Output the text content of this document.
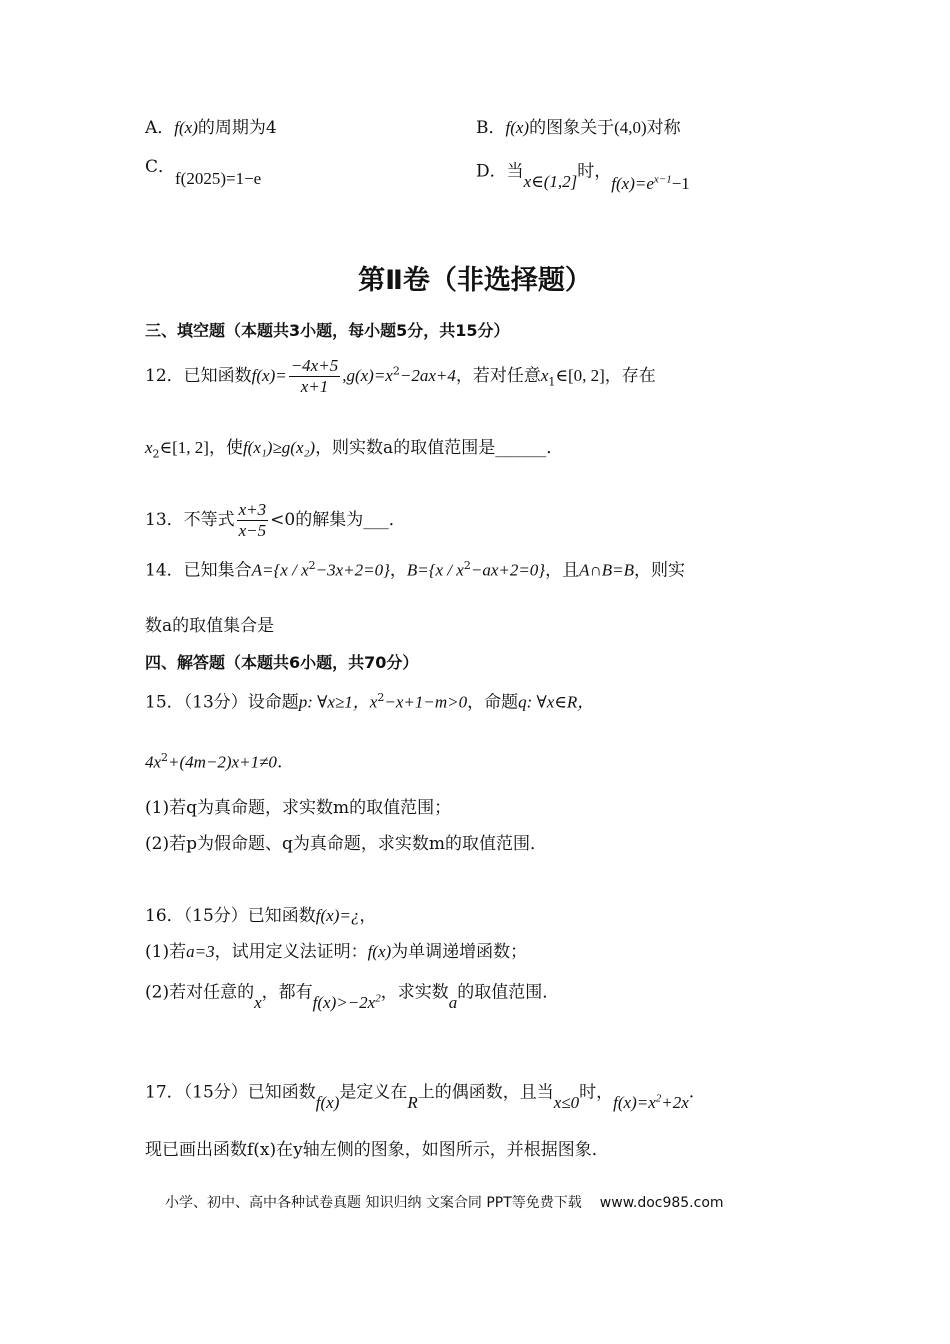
A．f(x)的周期为4	B．f(x)的图象关于(4,0)对称
C．
f(2025)=1−e	D．当x∈(1,2]时，$f(x)=e^{x-1}-1$
第Ⅱ卷（非选择题）
三、填空题（本题共3小题，每小题5分，共15分）
12．已知函数$f(x)= \frac{-4x+5}{x+1} ,g(x)=x^2-2ax+4$，若对任意$x_1\in[0$, 2]，存在
$x_2\in[1$, 2]，使f(x₁)≥g(x₂)，则实数a的取值范围是______．
13．不等式 $\frac{x+3}{x-5} <0$的解集为___．
14．已知集合$A=\{x / x^2-3x+2=0\}$，$B=\{x / x^2-ax+2=0\}$，且A∩B=B，则实
数a的取值集合是
四、解答题（本题共6小题，共70分）
15．（13分）设命题p: ∀x≥1，$x^2-x+1-m>0$，命题q: ∀x∈R，
$4x^2+(4m-2)x+1\ne 0$.
(1)若q为真命题，求实数m的取值范围；
(2)若p为假命题、q为真命题，求实数m的取值范围．
16．（15分）已知函数f(x)=¿，
(1)若a=3，试用定义法证明：f(x)为单调递增函数；
(2)若对任意的x，都有$f(x)>-2x^2$，求实数a的取值范围．
17．（15分）已知函数f(x)是定义在R上的偶函数，且当x≤0时，$f(x)=x^2+2x$.
现已画出函数f(x)在y轴左侧的图象，如图所示，并根据图象．
小学、初中、高中各种试卷真题 知识归纳 文案合同 PPT等免费下载 www.doc985.com
